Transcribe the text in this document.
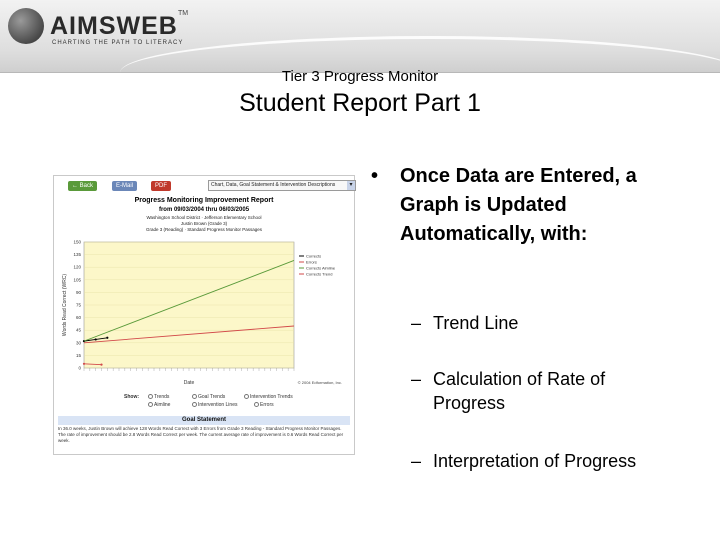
AIMSWEB TM
CHARTING THE PATH TO LITERACY
Tier 3 Progress Monitor
Student Report Part 1
← Back	E-Mail	PDF	Chart, Data, Goal Statement & Intervention Descriptions	▾
Progress Monitoring Improvement Report
from 09/03/2004 thru 06/03/2005
Washington School District · Jefferson Elementary School
Justin Brown (Grade 3)
Grade 3 (Reading) · Standard Progress Monitor Passages
0
15
30
45
60
75
90
105
120
135
150
Words Read Correct (WRC)
Date	© 2004 Edformation, Inc.
Corrects
Errors
Corrects Aimline
Corrects Trend
Show:	Trends	Goal Trends	Intervention Trends
Aimline	Intervention Lines	Errors
Goal Statement
In 36.0 weeks, Justin Brown will achieve 128 Words Read Correct with 3 Errors from Grade 3 Reading - Standard Progress Monitor Passages. The rate of improvement should be 2.8 Words Read Correct per week. The current average rate of improvement is 0.6 Words Read Correct per week.
• Once Data are Entered, a Graph is Updated Automatically, with:
– Trend Line
– Calculation of Rate of Progress
– Interpretation of Progress
